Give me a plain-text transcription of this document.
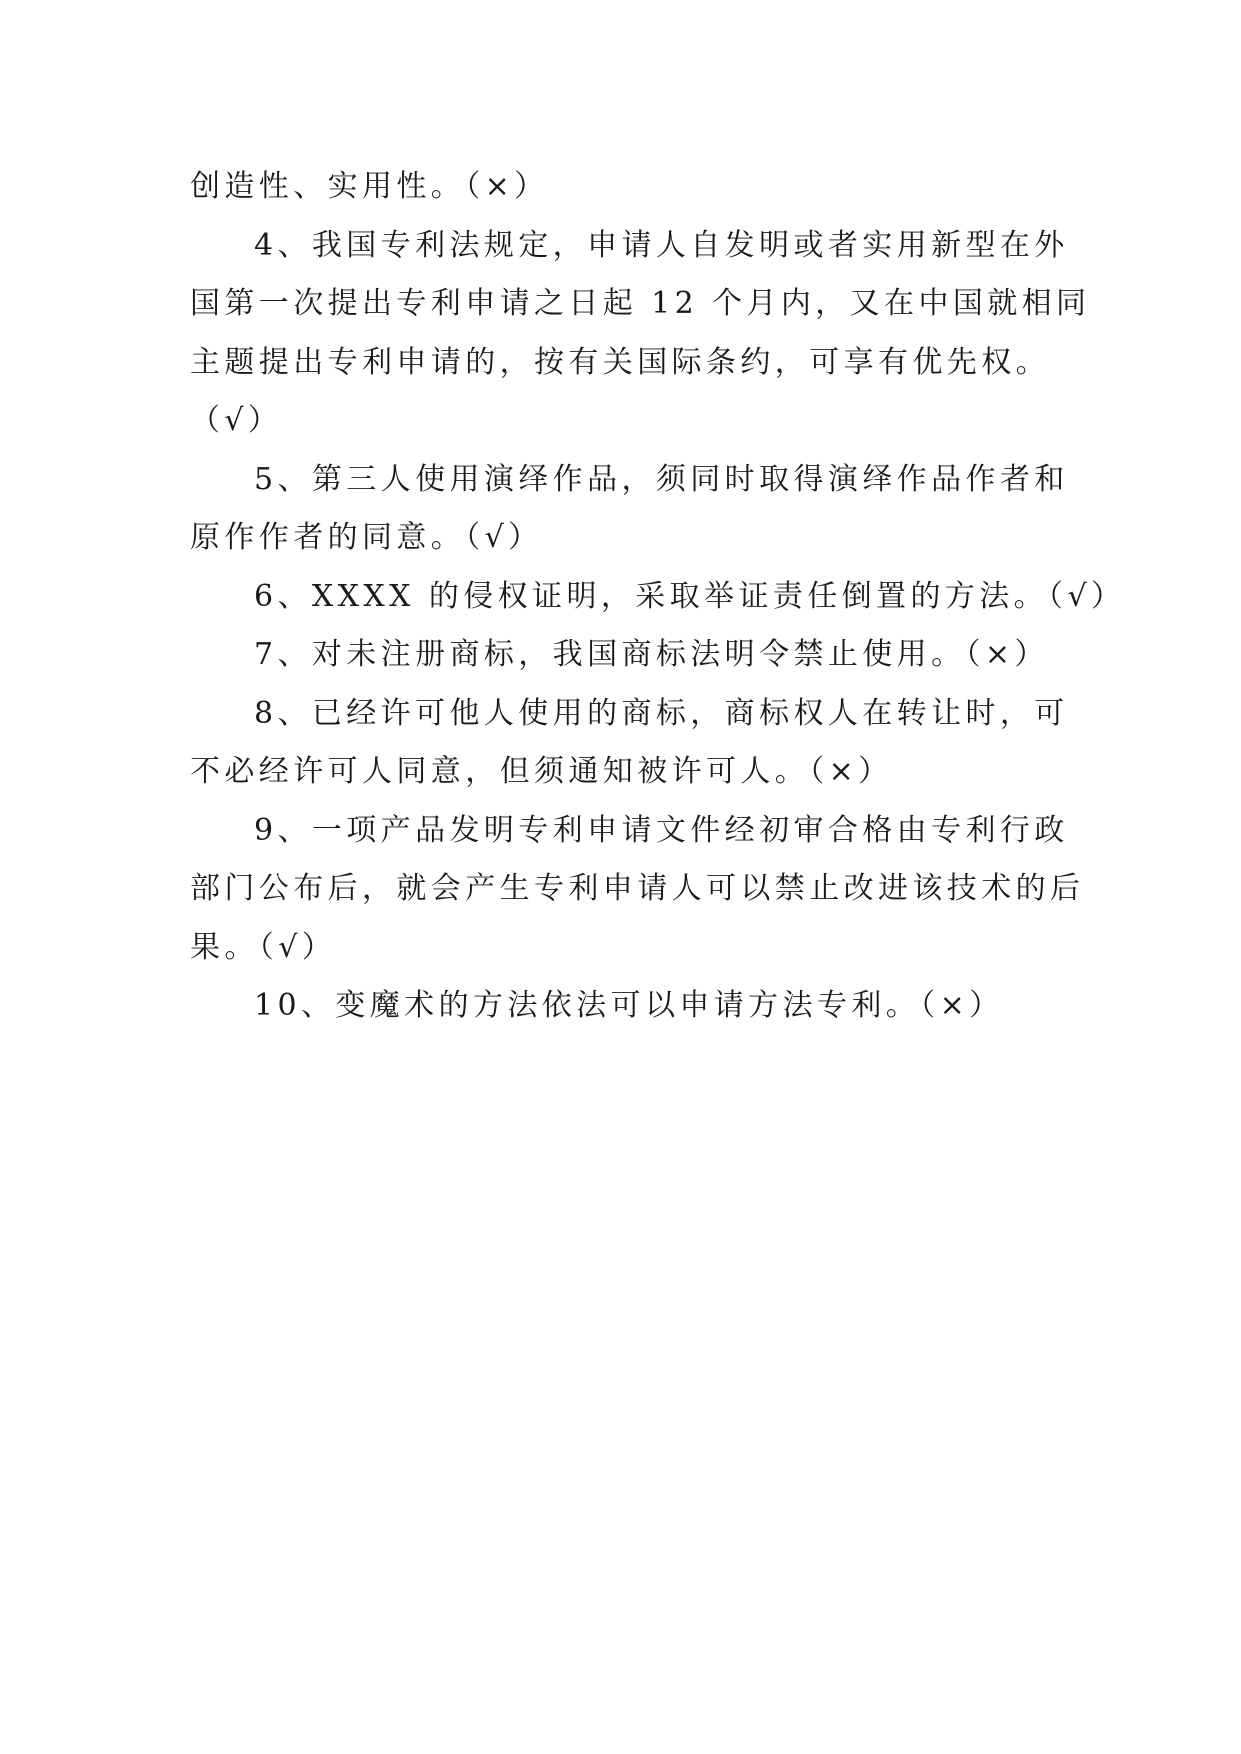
创造性、实用性。（×）
4、我国专利法规定，申请人自发明或者实用新型在外
国第一次提出专利申请之日起 12 个月内，又在中国就相同
主题提出专利申请的，按有关国际条约，可享有优先权。
（√）
5、第三人使用演绎作品，须同时取得演绎作品作者和
原作作者的同意。（√）
6、XXXX 的侵权证明，采取举证责任倒置的方法。（√）
7、对未注册商标，我国商标法明令禁止使用。（×）
8、已经许可他人使用的商标，商标权人在转让时，可
不必经许可人同意，但须通知被许可人。（×）
9、一项产品发明专利申请文件经初审合格由专利行政
部门公布后，就会产生专利申请人可以禁止改进该技术的后
果。（√）
10、变魔术的方法依法可以申请方法专利。（×）
